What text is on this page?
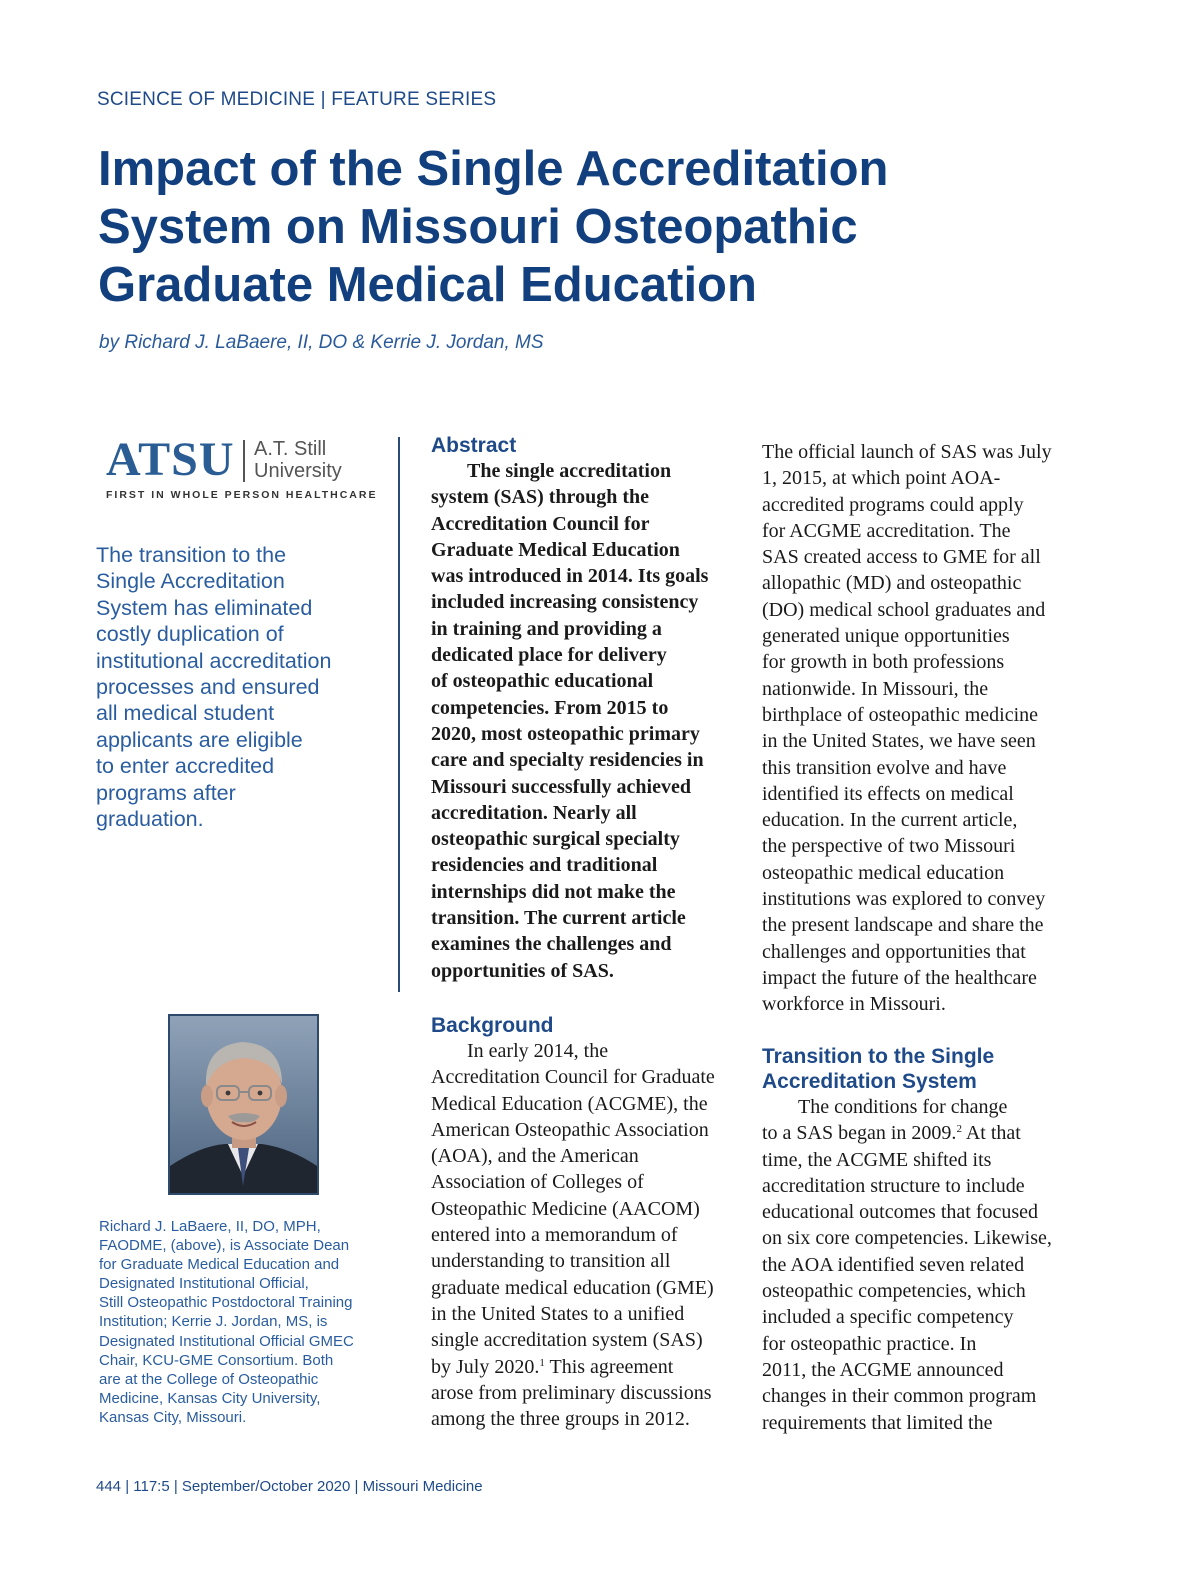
SCIENCE OF MEDICINE | FEATURE SERIES
Impact of the Single Accreditation
System on Missouri Osteopathic
Graduate Medical Education
by Richard J. LaBaere, II, DO & Kerrie J. Jordan, MS
ATSU A.T. Still
University
FIRST IN WHOLE PERSON HEALTHCARE

The transition to the
Single Accreditation
System has eliminated
costly duplication of
institutional accreditation
processes and ensured
all medical student
applicants are eligible
to enter accredited
programs after
graduation.

Richard J. LaBaere, II, DO, MPH,
FAODME, (above), is Associate Dean
for Graduate Medical Education and
Designated Institutional Official,
Still Osteopathic Postdoctoral Training
Institution; Kerrie J. Jordan, MS, is
Designated Institutional Official GMEC
Chair, KCU-GME Consortium. Both
are at the College of Osteopathic
Medicine, Kansas City University,
Kansas City, Missouri.

Abstract
The single accreditation
system (SAS) through the
Accreditation Council for
Graduate Medical Education
was introduced in 2014. Its goals
included increasing consistency
in training and providing a
dedicated place for delivery
of osteopathic educational
competencies. From 2015 to
2020, most osteopathic primary
care and specialty residencies in
Missouri successfully achieved
accreditation. Nearly all
osteopathic surgical specialty
residencies and traditional
internships did not make the
transition. The current article
examines the challenges and
opportunities of SAS.
Background
In early 2014, the
Accreditation Council for Graduate
Medical Education (ACGME), the
American Osteopathic Association
(AOA), and the American
Association of Colleges of
Osteopathic Medicine (AACOM)
entered into a memorandum of
understanding to transition all
graduate medical education (GME)
in the United States to a unified
single accreditation system (SAS)
by July 2020.$^1$ This agreement
arose from preliminary discussions
among the three groups in 2012.
The official launch of SAS was July
1, 2015, at which point AOA-
accredited programs could apply
for ACGME accreditation. The
SAS created access to GME for all
allopathic (MD) and osteopathic
(DO) medical school graduates and
generated unique opportunities
for growth in both professions
nationwide. In Missouri, the
birthplace of osteopathic medicine
in the United States, we have seen
this transition evolve and have
identified its effects on medical
education. In the current article,
the perspective of two Missouri
osteopathic medical education
institutions was explored to convey
the present landscape and share the
challenges and opportunities that
impact the future of the healthcare
workforce in Missouri.
Transition to the Single
Accreditation System
The conditions for change
to a SAS began in 2009.$^2$ At that
time, the ACGME shifted its
accreditation structure to include
educational outcomes that focused
on six core competencies. Likewise,
the AOA identified seven related
osteopathic competencies, which
included a specific competency
for osteopathic practice. In
2011, the ACGME announced
changes in their common program
requirements that limited the
444 | 117:5 | September/October 2020 | Missouri Medicine
